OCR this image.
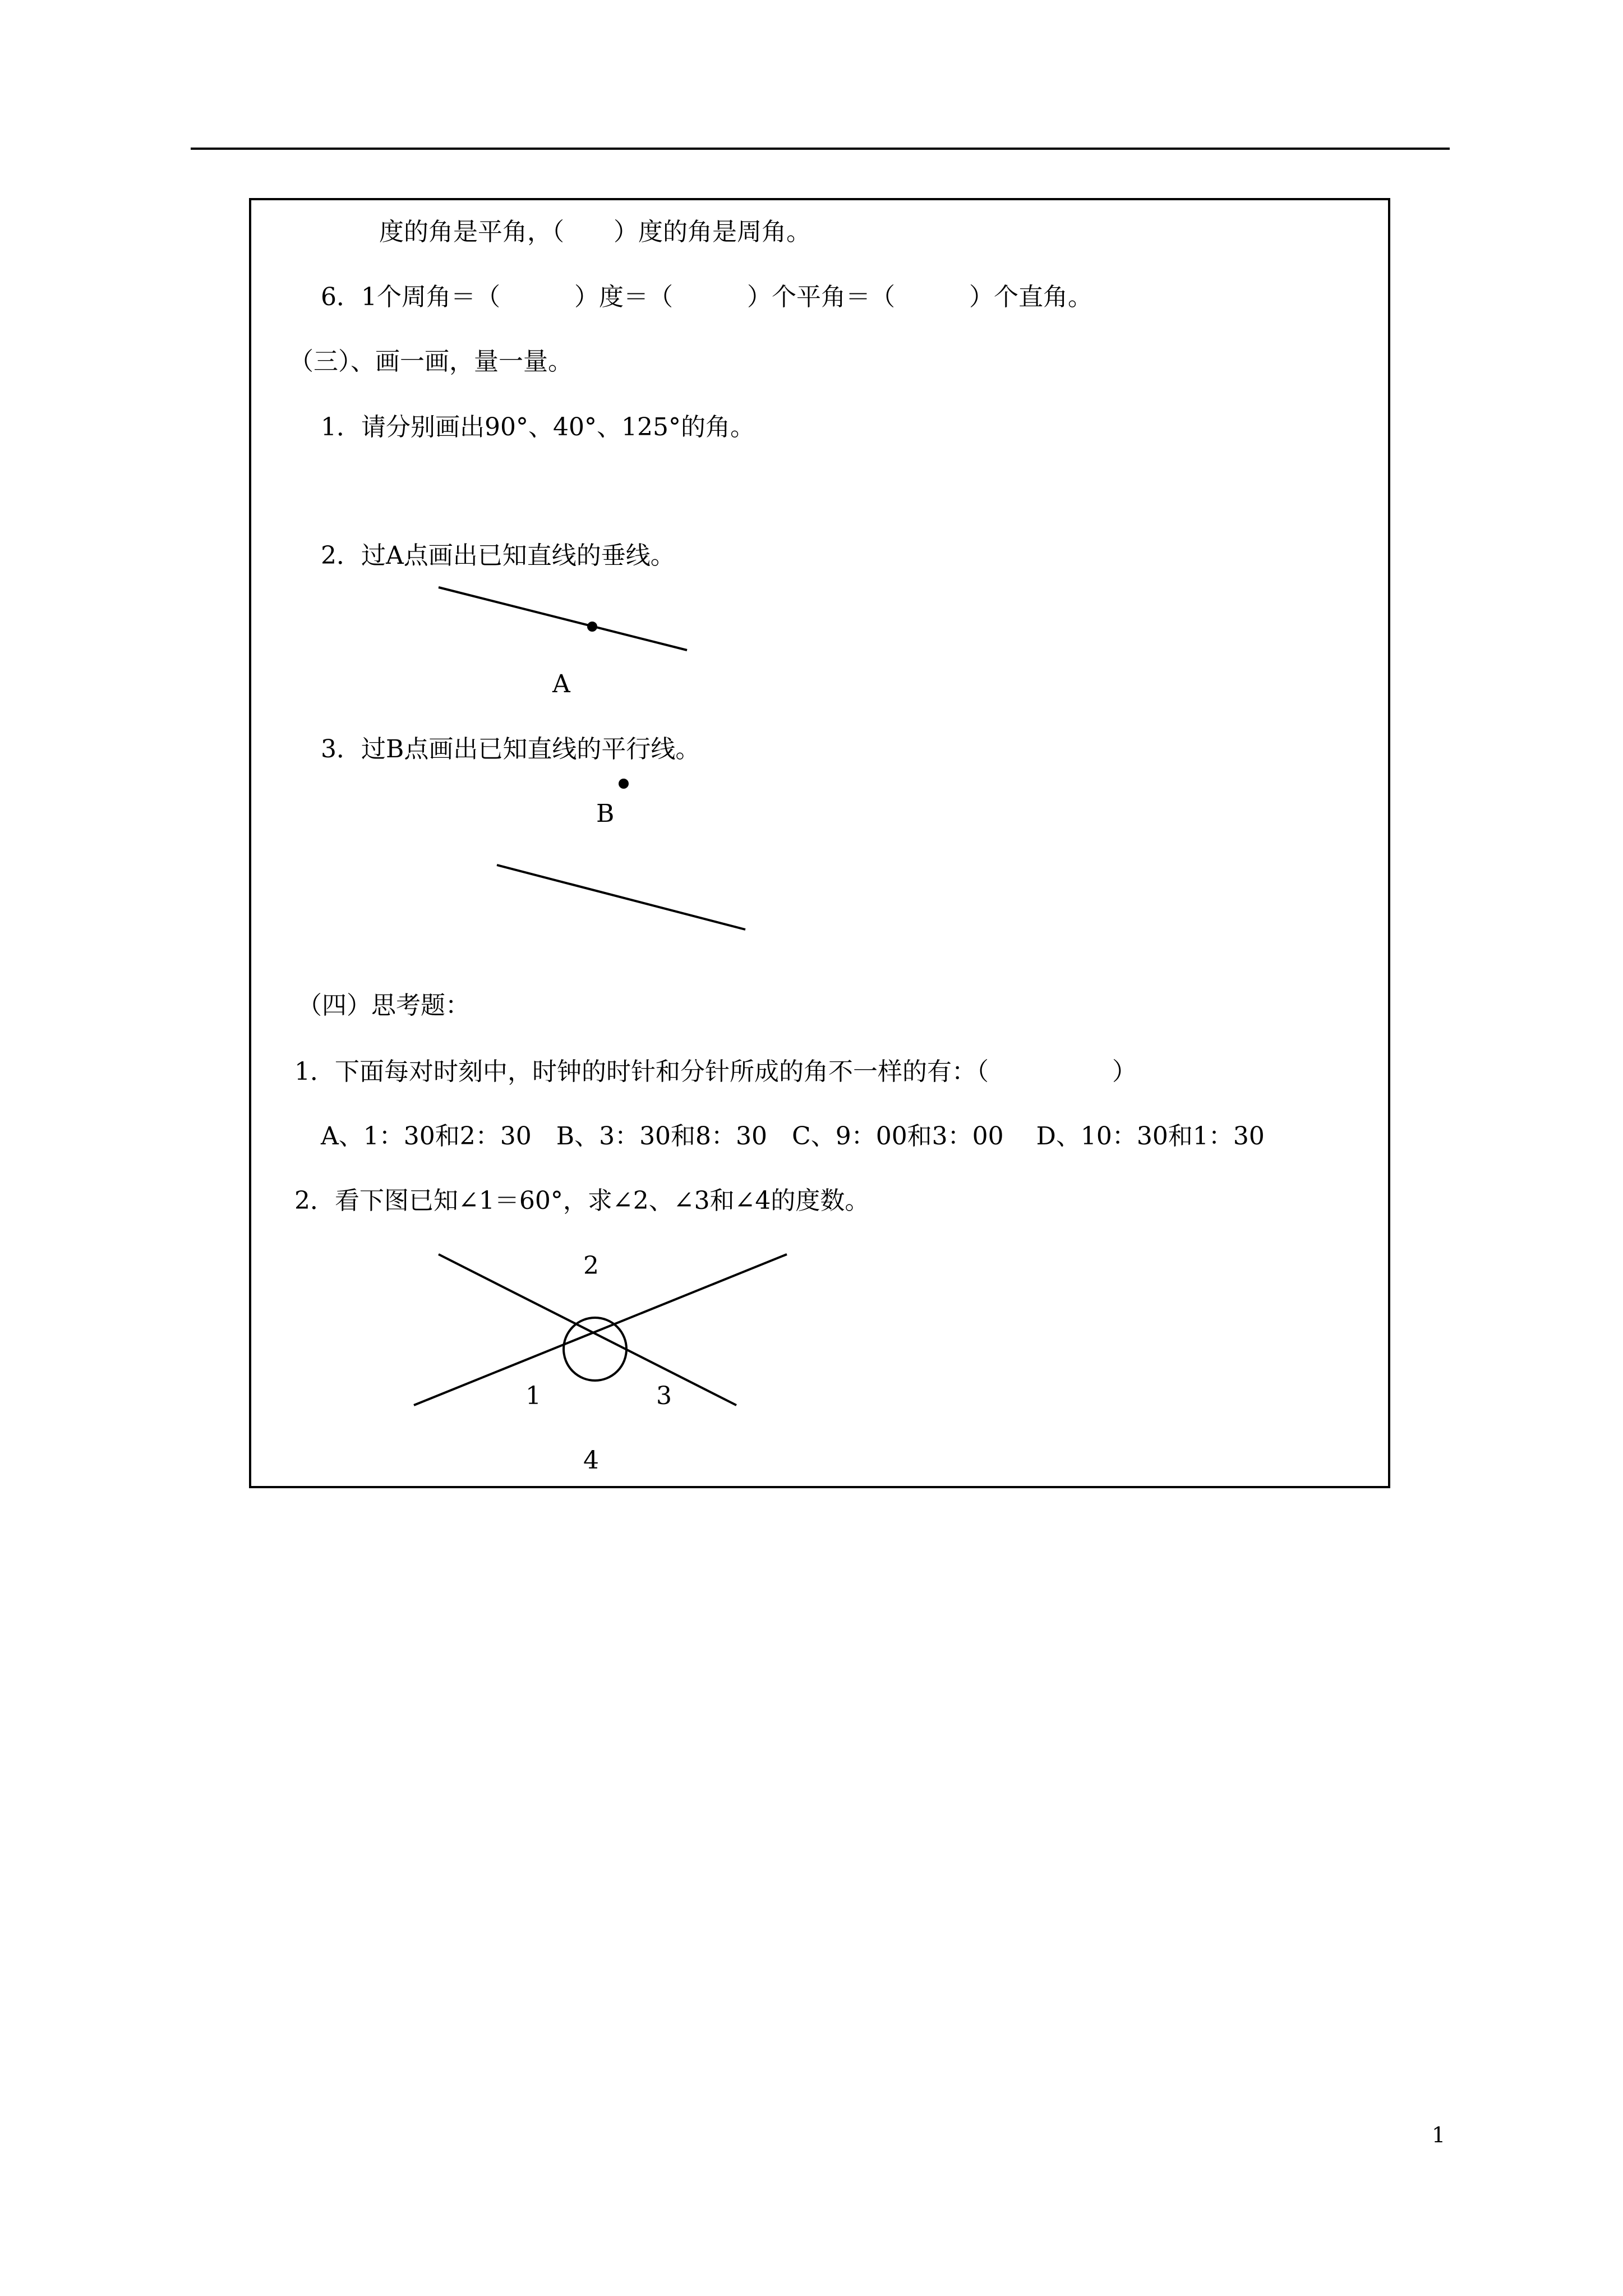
度的角是平角，（　　）度的角是周角。
6．1个周角＝（　　　）度＝（　　　）个平角＝（　　　）个直角。
（三）、画一画，量一量。
1．请分别画出90°、40°、125°的角。
2．过A点画出已知直线的垂线。
A
3．过B点画出已知直线的平行线。
B
（四）思考题：
1．下面每对时刻中，时钟的时针和分针所成的角不一样的有：（　　　　　）
A、1：30和2：30　B、3：30和8：30　C、9：00和3：00　 D、10：30和1：30
2．看下图已知∠1＝60°，求∠2、∠3和∠4的度数。
2
1	3
4
1
